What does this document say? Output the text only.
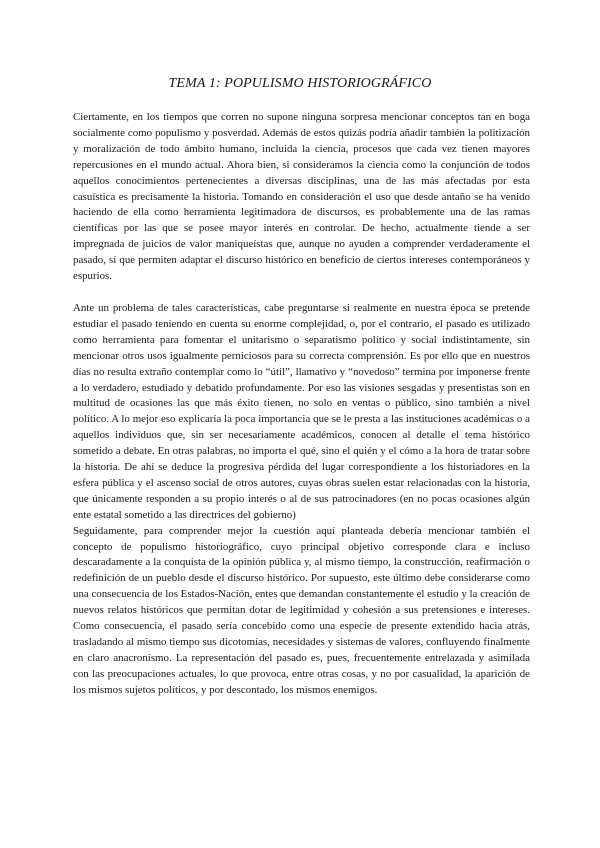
TEMA 1: POPULISMO HISTORIOGRÁFICO

Ciertamente, en los tiempos que corren no supone ninguna sorpresa mencionar conceptos tan en boga socialmente como populismo y posverdad. Además de estos quizás podría añadir también la politización y moralización de todo ámbito humano, incluida la ciencia, procesos que cada vez tienen mayores repercusiones en el mundo actual. Ahora bien, si consideramos la ciencia como la conjunción de todos aquellos conocimientos pertenecientes a diversas disciplinas, una de las más afectadas por esta casuística es precisamente la historia. Tomando en consideración el uso que desde antaño se ha venido haciendo de ella como herramienta legitimadora de discursos, es probablemente una de las ramas científicas por las que se posee mayor interés en controlar. De hecho, actualmente tiende a ser impregnada de juicios de valor maniqueístas que, aunque no ayuden a comprender verdaderamente el pasado, sí que permiten adaptar el discurso histórico en beneficio de ciertos intereses contemporáneos y espurios.

Ante un problema de tales características, cabe preguntarse si realmente en nuestra época se pretende estudiar el pasado teniendo en cuenta su enorme complejidad, o, por el contrario, el pasado es utilizado como herramienta para fomentar el unitarismo o separatismo político y social indistintamente, sin mencionar otros usos igualmente perniciosos para su correcta comprensión. Es por ello que en nuestros días no resulta extraño contemplar como lo “útil”, llamativo y “novedoso” termina por imponerse frente a lo verdadero, estudiado y debatido profundamente. Por eso las visiones sesgadas y presentistas son en multitud de ocasiones las que más éxito tienen, no solo en ventas o público, sino también a nivel político. A lo mejor eso explicaría la poca importancia que se le presta a las instituciones académicas o a aquellos individuos que, sin ser necesariamente académicos, conocen al detalle el tema histórico sometido a debate. En otras palabras, no importa el qué, sino el quién y el cómo a la hora de tratar sobre la historia. De ahí se deduce la progresiva pérdida del lugar correspondiente a los historiadores en la esfera pública y el ascenso social de otros autores, cuyas obras suelen estar relacionadas con la historia, que únicamente responden a su propio interés o al de sus patrocinadores (en no pocas ocasiones algún ente estatal sometido a las directrices del gobierno)

Seguidamente, para comprender mejor la cuestión aquí planteada debería mencionar también el concepto de populismo historiográfico, cuyo principal objetivo corresponde clara e incluso descaradamente a la conquista de la opinión pública y, al mismo tiempo, la construcción, reafirmación o redefinición de un pueblo desde el discurso histórico. Por supuesto, este último debe considerarse como una consecuencia de los Estados-Nación, entes que demandan constantemente el estudio y la creación de nuevos relatos históricos que permitan dotar de legitimidad y cohesión a sus pretensiones e intereses. Como consecuencia, el pasado sería concebido como una especie de presente extendido hacia atrás, trasladando al mismo tiempo sus dicotomías, necesidades y sistemas de valores, confluyendo finalmente en claro anacronismo. La representación del pasado es, pues, frecuentemente entrelazada y asimilada con las preocupaciones actuales, lo que provoca, entre otras cosas, y no por casualidad, la aparición de los mismos sujetos políticos, y por descontado, los mismos enemigos.
